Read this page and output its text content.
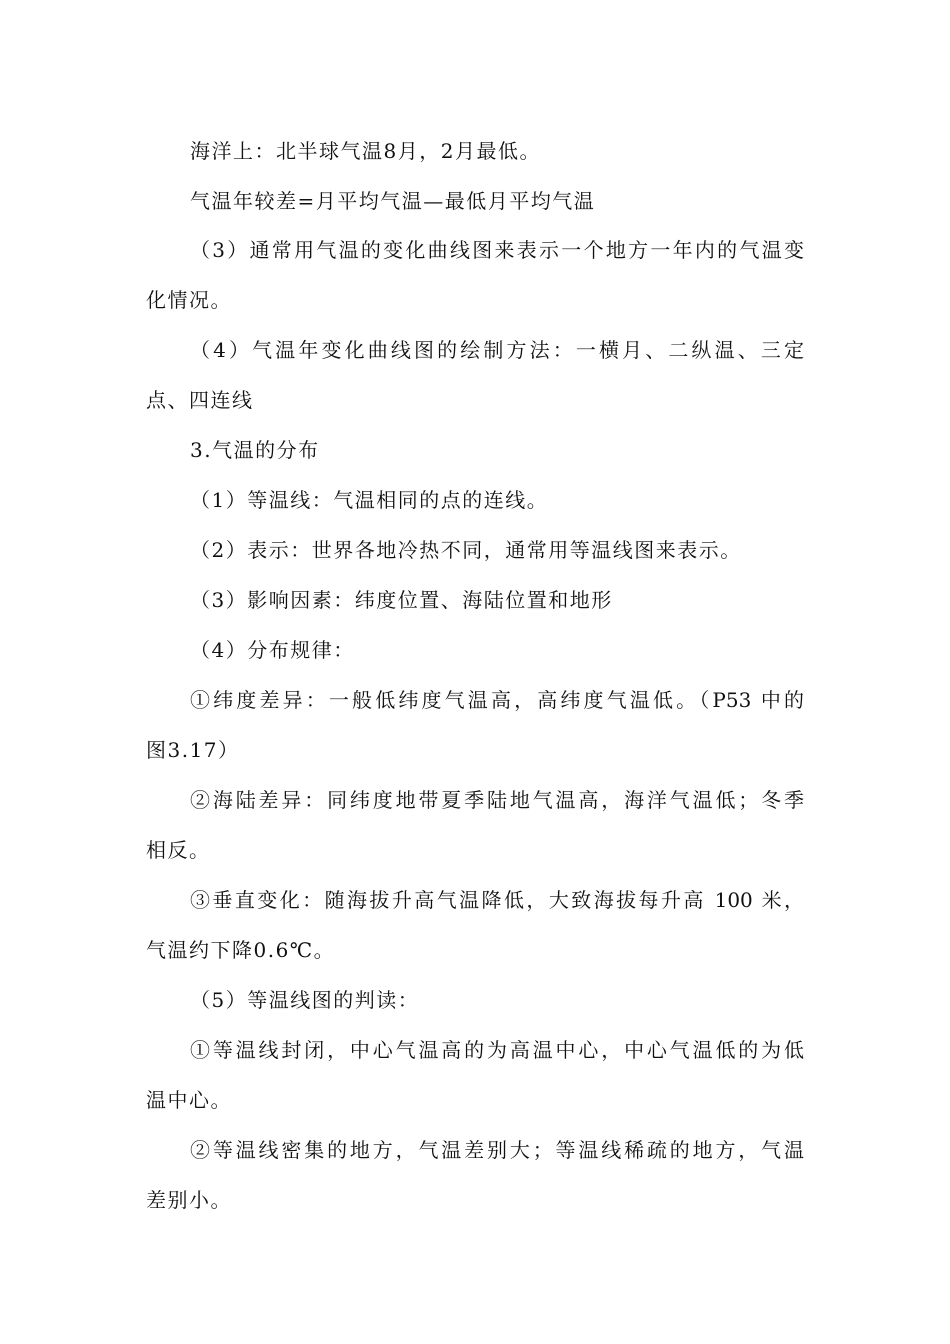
海洋上：北半球气温8月，2月最低。
气温年较差=月平均气温—最低月平均气温
（3）通常用气温的变化曲线图来表示一个地方一年内的气温变
化情况。
（4）气温年变化曲线图的绘制方法：一横月、二纵温、三定
点、四连线
3.气温的分布
（1）等温线：气温相同的点的连线。
（2）表示：世界各地冷热不同，通常用等温线图来表示。
（3）影响因素：纬度位置、海陆位置和地形
（4）分布规律：
①纬度差异：一般低纬度气温高，高纬度气温低。（P53 中的
图3.17）
②海陆差异：同纬度地带夏季陆地气温高，海洋气温低；冬季
相反。
③垂直变化：随海拔升高气温降低，大致海拔每升高 100 米，
气温约下降0.6℃。
（5）等温线图的判读：
①等温线封闭，中心气温高的为高温中心，中心气温低的为低
温中心。
②等温线密集的地方，气温差别大；等温线稀疏的地方，气温
差别小。
